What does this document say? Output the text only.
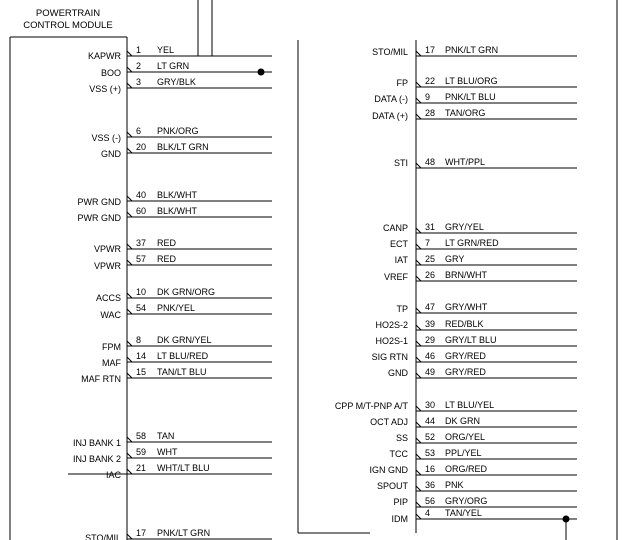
POWERTRAIN
CONTROL MODULE
KAPWR
1 YEL
BOO
2 LT GRN
VSS (+)
3 GRY/BLK
VSS (-)
6 PNK/ORG
GND
20 BLK/LT GRN
PWR GND
40 BLK/WHT
PWR GND
60 BLK/WHT
VPWR
37 RED
VPWR
57 RED
ACCS
10 DK GRN/ORG
WAC
54 PNK/YEL
FPM
8 DK GRN/YEL
MAF
14 LT BLU/RED
MAF RTN
15 TAN/LT BLU
INJ BANK 1
58 TAN
INJ BANK 2
59 WHT
IAC
21 WHT/LT BLU
STO/MIL 17 PNK/LT GRN
STO/MIL 17 PNK/LT GRN
FP 22 LT BLU/ORG
DATA (-) 9 PNK/LT BLU
DATA (+) 28 TAN/ORG
STI 48 WHT/PPL
CANP 31 GRY/YEL
ECT 7 LT GRN/RED
IAT 25 GRY
VREF 26 BRN/WHT
TP 47 GRY/WHT
HO2S-2 39 RED/BLK
HO2S-1 29 GRY/LT BLU
SIG RTN 46 GRY/RED
GND 49 GRY/RED
CPP M/T-PNP A/T 30 LT BLU/YEL
OCT ADJ 44 DK GRN
SS 52 ORG/YEL
TCC 53 PPL/YEL
IGN GND 16 ORG/RED
SPOUT 36 PNK
PIP 56 GRY/ORG
IDM
4 TAN/YEL
